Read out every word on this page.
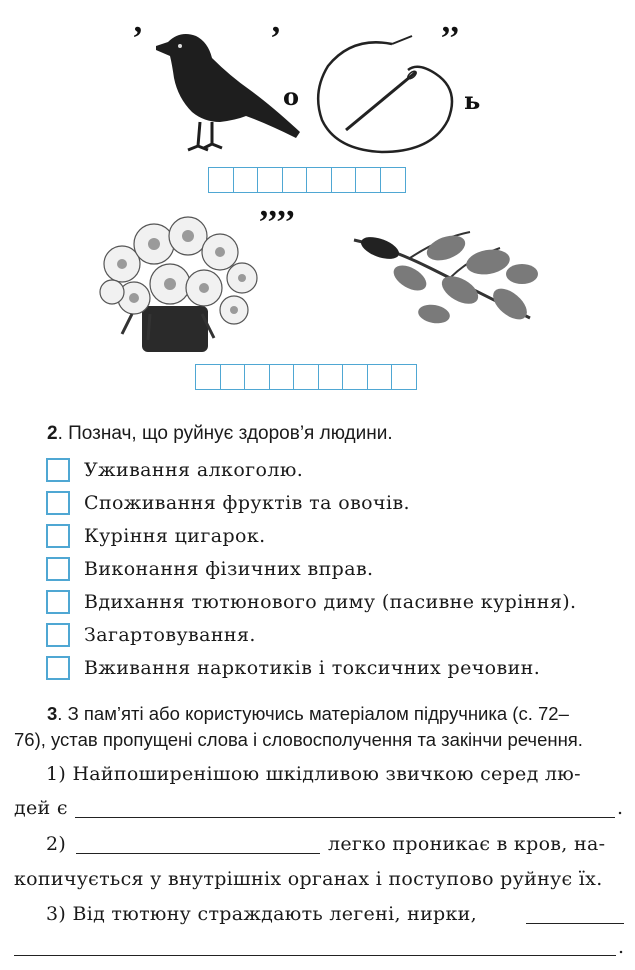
’	’	’’
о	ь
’’’’
2. Познач, що руйнує здоров’я людини.
Уживання алкоголю.
Споживання фруктів та овочів.
Куріння цигарок.
Виконання фізичних вправ.
Вдихання тютюнового диму (пасивне куріння).
Загартовування.
Вживання наркотиків і токсичних речовин.
3. З пам’яті або користуючись матеріалом підручника (с. 72–
76), устав пропущені слова і словосполучення та закінчи речення.
1) Найпоширенішою шкідливою звичкою серед лю-
дей є	.
2)	легко проникає в кров, на-
копичується у внутрішніх органах і поступово руйнує їх.
3) Від тютюну страждають легені, нирки,
.
